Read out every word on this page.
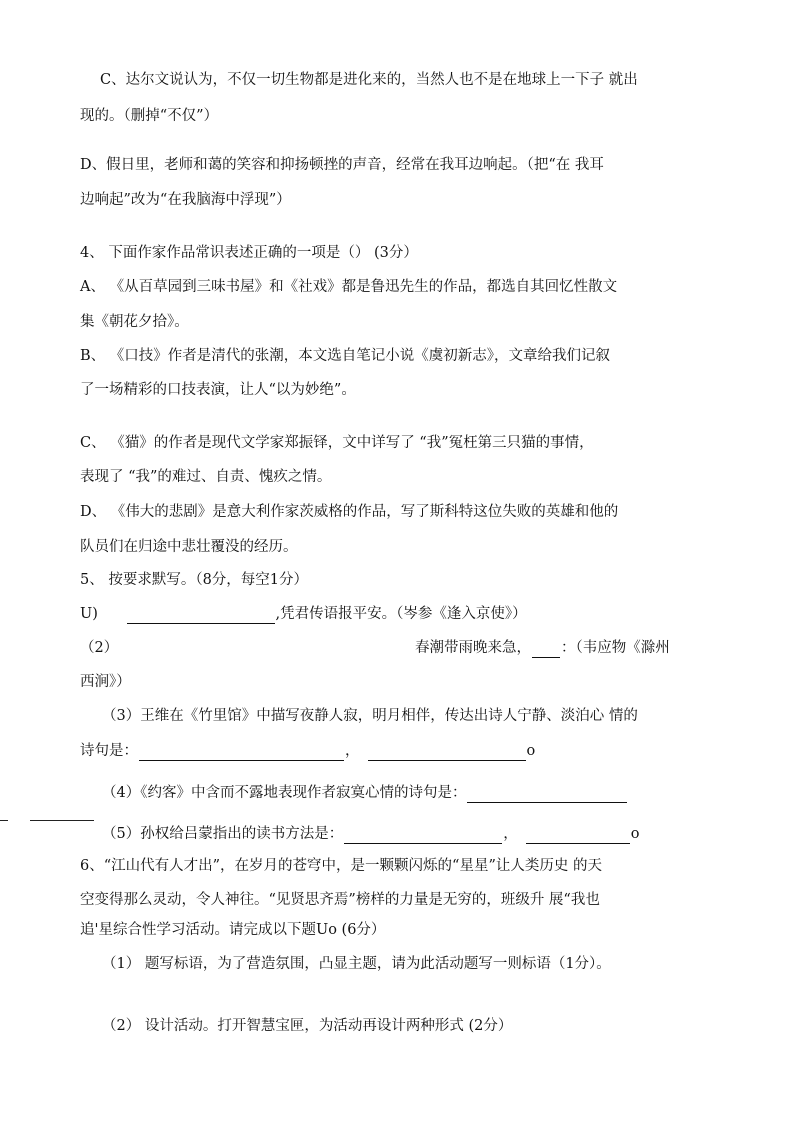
C、达尔文说认为，不仅一切生物都是进化来的，当然人也不是在地球上一下子 就出
现的。（删掉“不仅”）
D、假日里，老师和蔼的笑容和抑扬顿挫的声音，经常在我耳边响起。（把“在 我耳
边响起”改为“在我脑海中浮现”）
4、 下面作家作品常识表述正确的一项是（） (3分）
A、 《从百草园到三味书屋》和《社戏》都是鲁迅先生的作品，都选自其回忆性散文
集《朝花夕拾》。
B、 《口技》作者是清代的张潮，本文选自笔记小说《虞初新志》，文章给我们记叙
了一场精彩的口技表演，让人“以为妙绝”。
C、 《猫》的作者是现代文学家郑振铎，文中详写了 “我”冤枉第三只猫的事情，
表现了 “我”的难过、自责、愧疚之情。
D、 《伟大的悲剧》是意大利作家茨威格的作品，写了斯科特这位失败的英雄和他的
队员们在归途中悲壮覆没的经历。
5、 按要求默写。（8分，每空1分）
U)	,凭君传语报平安。（岑参《逢入京使》）
（2）	春潮带雨晚来急， ：（韦应物《滁州
西涧》）
（3）王维在《竹里馆》中描写夜静人寂，明月相伴，传达出诗人宁静、淡泊心 情的
诗句是：	，	o
（4）《约客》中含而不露地表现作者寂寞心情的诗句是：
（5）孙权给吕蒙指出的读书方法是：	，	o
6、“江山代有人才出”，在岁月的苍穹中，是一颗颗闪烁的“星星”让人类历史 的天
空变得那么灵动，令人神往。“见贤思齐焉”榜样的力量是无穷的，班级升 展“我也
追'星综合性学习活动。请完成以下题Uo (6分）
（1） 题写标语，为了营造氛围，凸显主题，请为此活动题写一则标语（1分）。
（2） 设计活动。打开智慧宝匣，为活动再设计两种形式 (2分）
